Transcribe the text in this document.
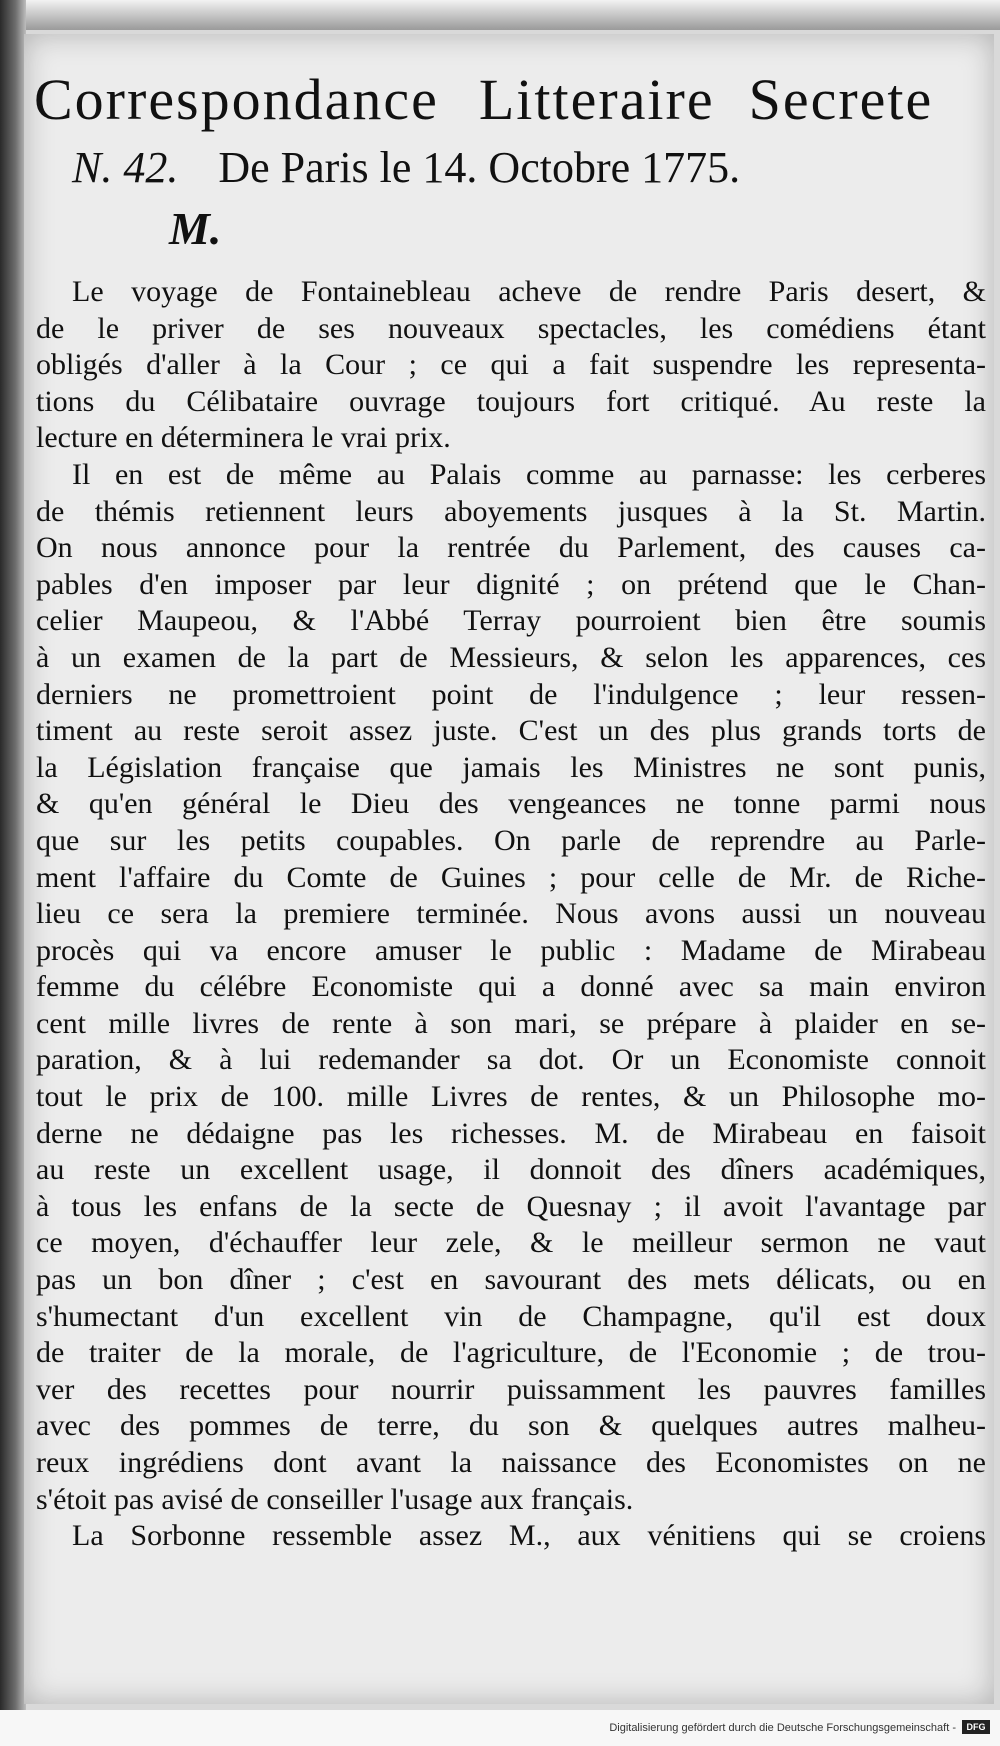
Correspondance Litteraire Secrete
N. 42. De Paris le 14. Octobre 1775.
M.
Le voyage de Fontainebleau acheve de rendre Paris desert, &
de le priver de ses nouveaux spectacles, les comédiens étant
obligés d'aller à la Cour ; ce qui a fait suspendre les representa-
tions du Célibataire ouvrage toujours fort critiqué. Au reste la
lecture en déterminera le vrai prix.
Il en est de même au Palais comme au parnasse: les cerberes
de thémis retiennent leurs aboyements jusques à la St. Martin.
On nous annonce pour la rentrée du Parlement, des causes ca-
pables d'en imposer par leur dignité ; on prétend que le Chan-
celier Maupeou, & l'Abbé Terray pourroient bien être soumis
à un examen de la part de Messieurs, & selon les apparences, ces
derniers ne promettroient point de l'indulgence ; leur ressen-
timent au reste seroit assez juste. C'est un des plus grands torts de
la Législation française que jamais les Ministres ne sont punis,
& qu'en général le Dieu des vengeances ne tonne parmi nous
que sur les petits coupables. On parle de reprendre au Parle-
ment l'affaire du Comte de Guines ; pour celle de Mr. de Riche-
lieu ce sera la premiere terminée. Nous avons aussi un nouveau
procès qui va encore amuser le public : Madame de Mirabeau
femme du célébre Economiste qui a donné avec sa main environ
cent mille livres de rente à son mari, se prépare à plaider en se-
paration, & à lui redemander sa dot. Or un Economiste connoit
tout le prix de 100. mille Livres de rentes, & un Philosophe mo-
derne ne dédaigne pas les richesses. M. de Mirabeau en faisoit
au reste un excellent usage, il donnoit des dîners académiques,
à tous les enfans de la secte de Quesnay ; il avoit l'avantage par
ce moyen, d'échauffer leur zele, & le meilleur sermon ne vaut
pas un bon dîner ; c'est en savourant des mets délicats, ou en
s'humectant d'un excellent vin de Champagne, qu'il est doux
de traiter de la morale, de l'agriculture, de l'Economie ; de trou-
ver des recettes pour nourrir puissamment les pauvres familles
avec des pommes de terre, du son & quelques autres malheu-
reux ingrédiens dont avant la naissance des Economistes on ne
s'étoit pas avisé de conseiller l'usage aux français.
La Sorbonne ressemble assez M., aux vénitiens qui se croiens
Digitalisierung gefördert durch die Deutsche Forschungsgemeinschaft -	DFG
